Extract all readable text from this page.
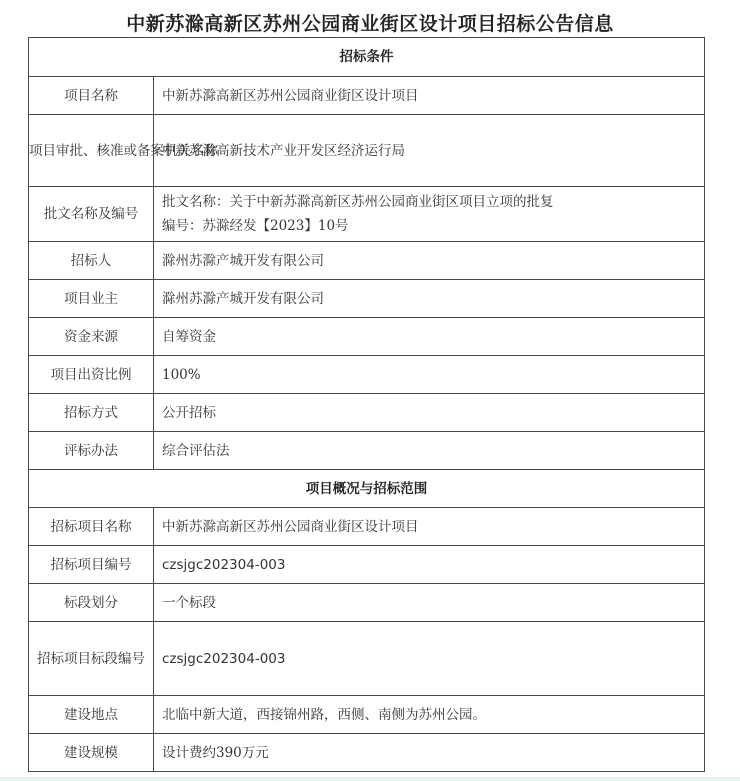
中新苏滁高新区苏州公园商业街区设计项目招标公告信息
招标条件	
项目名称	中新苏滁高新区苏州公园商业街区设计项目
项目审批、核准或备案机关名称	中新苏滁高新技术产业开发区经济运行局
批文名称及编号	批文名称：关于中新苏滁高新区苏州公园商业街区项目立项的批复
编号：苏滁经发【2023】10号

招标人	滁州苏滁产城开发有限公司
项目业主	滁州苏滁产城开发有限公司
资金来源	自筹资金
项目出资比例	100%
招标方式	公开招标
评标办法	综合评估法
项目概况与招标范围	
招标项目名称	中新苏滁高新区苏州公园商业街区设计项目
招标项目编号	czsjgc202304-003
标段划分	一个标段
招标项目标段编号	czsjgc202304-003
建设地点	北临中新大道，西接锦州路，西侧、南侧为苏州公园。
建设规模	设计费约390万元
